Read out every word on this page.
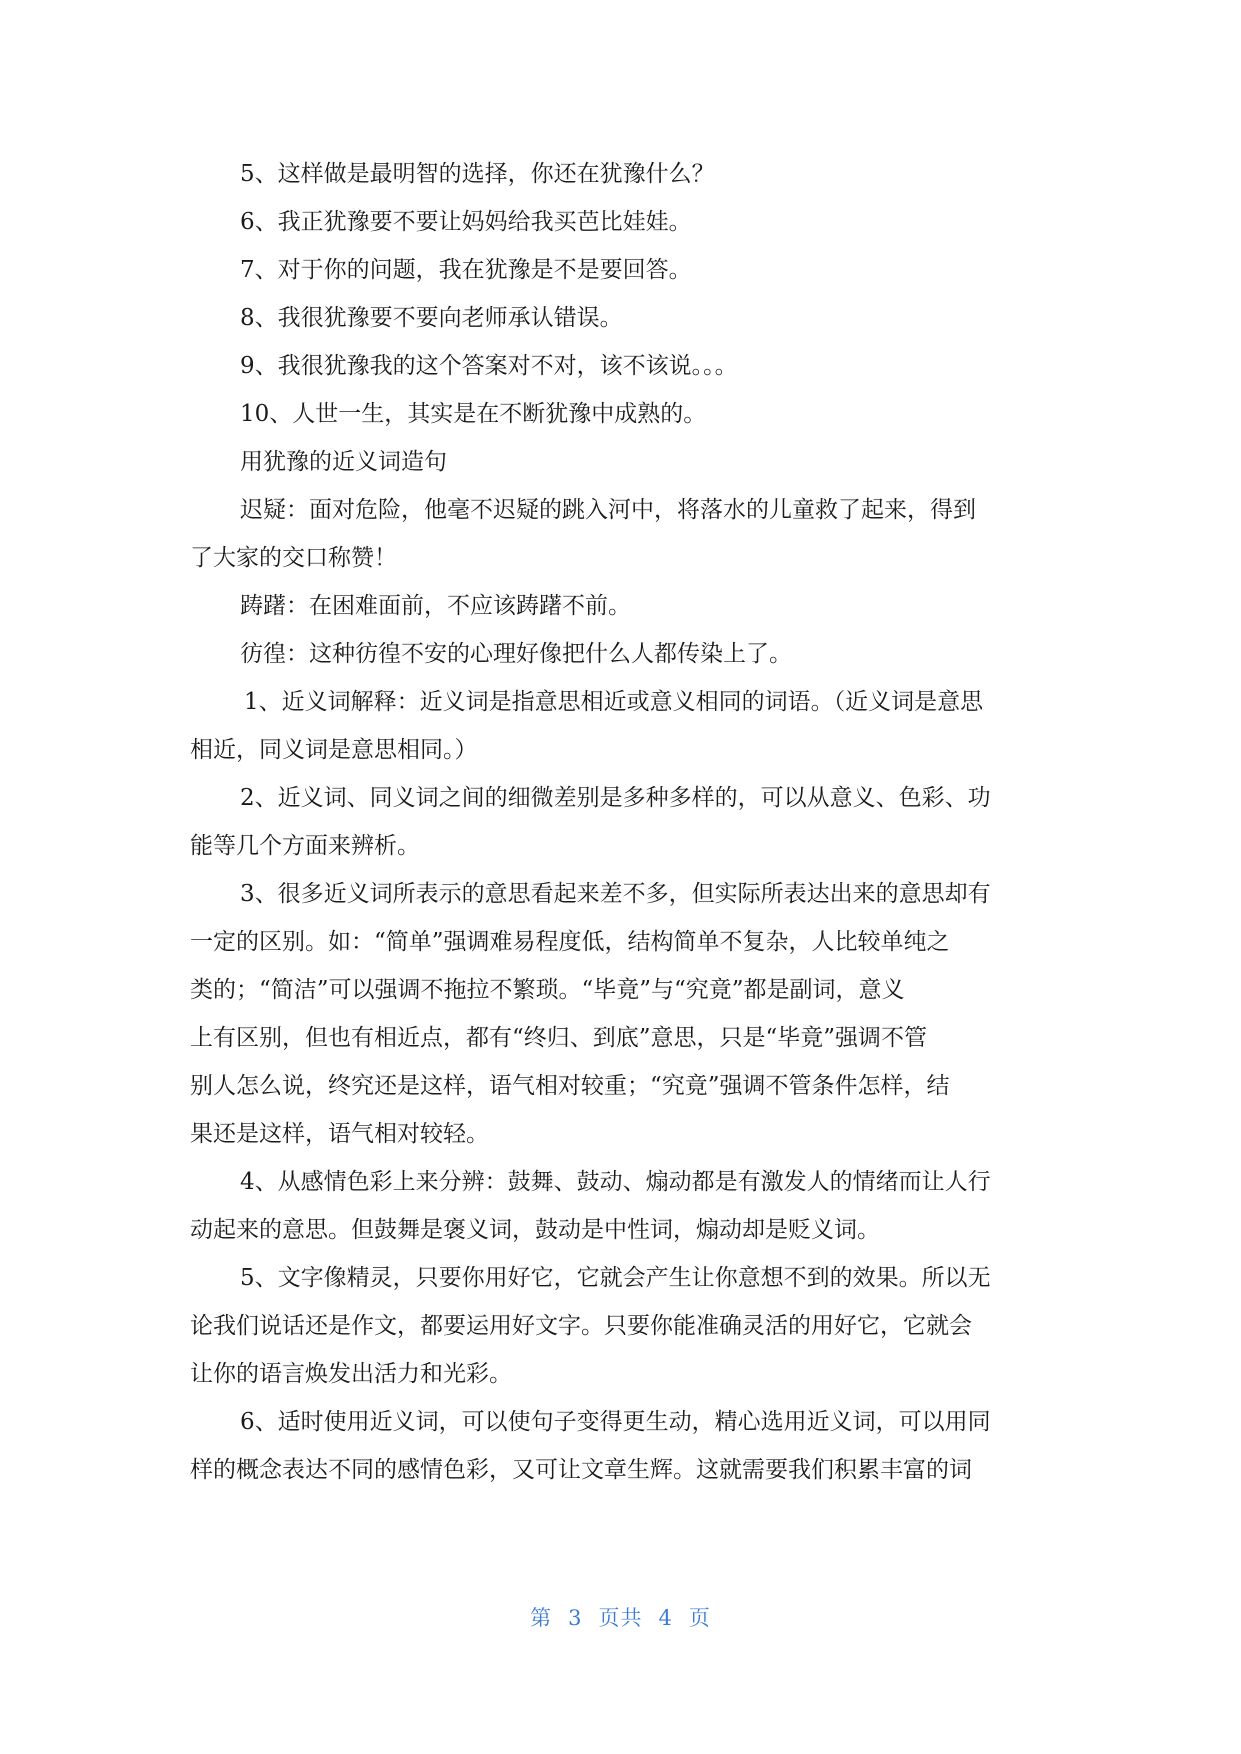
5、这样做是最明智的选择，你还在犹豫什么？
6、我正犹豫要不要让妈妈给我买芭比娃娃。
7、对于你的问题，我在犹豫是不是要回答。
8、我很犹豫要不要向老师承认错误。
9、我很犹豫我的这个答案对不对，该不该说。。。
10、人世一生，其实是在不断犹豫中成熟的。
用犹豫的近义词造句
迟疑：面对危险，他毫不迟疑的跳入河中，将落水的儿童救了起来，得到
了大家的交口称赞！
踌躇：在困难面前，不应该踌躇不前。
彷徨：这种彷徨不安的心理好像把什么人都传染上了。
1、近义词解释：近义词是指意思相近或意义相同的词语。（近义词是意思
相近，同义词是意思相同。）
2、近义词、同义词之间的细微差别是多种多样的，可以从意义、色彩、功
能等几个方面来辨析。
3、很多近义词所表示的意思看起来差不多，但实际所表达出来的意思却有
一定的区别。如：“简单”强调难易程度低，结构简单不复杂，人比较单纯之
类的；“简洁”可以强调不拖拉不繁琐。“毕竟”与“究竟”都是副词，意义
上有区别，但也有相近点，都有“终归、到底”意思，只是“毕竟”强调不管
别人怎么说，终究还是这样，语气相对较重；“究竟”强调不管条件怎样，结
果还是这样，语气相对较轻。
4、从感情色彩上来分辨：鼓舞、鼓动、煽动都是有激发人的情绪而让人行
动起来的意思。但鼓舞是褒义词，鼓动是中性词，煽动却是贬义词。
5、文字像精灵，只要你用好它，它就会产生让你意想不到的效果。所以无
论我们说话还是作文，都要运用好文字。只要你能准确灵活的用好它，它就会
让你的语言焕发出活力和光彩。
6、适时使用近义词，可以使句子变得更生动，精心选用近义词，可以用同
样的概念表达不同的感情色彩，又可让文章生辉。这就需要我们积累丰富的词
第 3 页共 4 页
